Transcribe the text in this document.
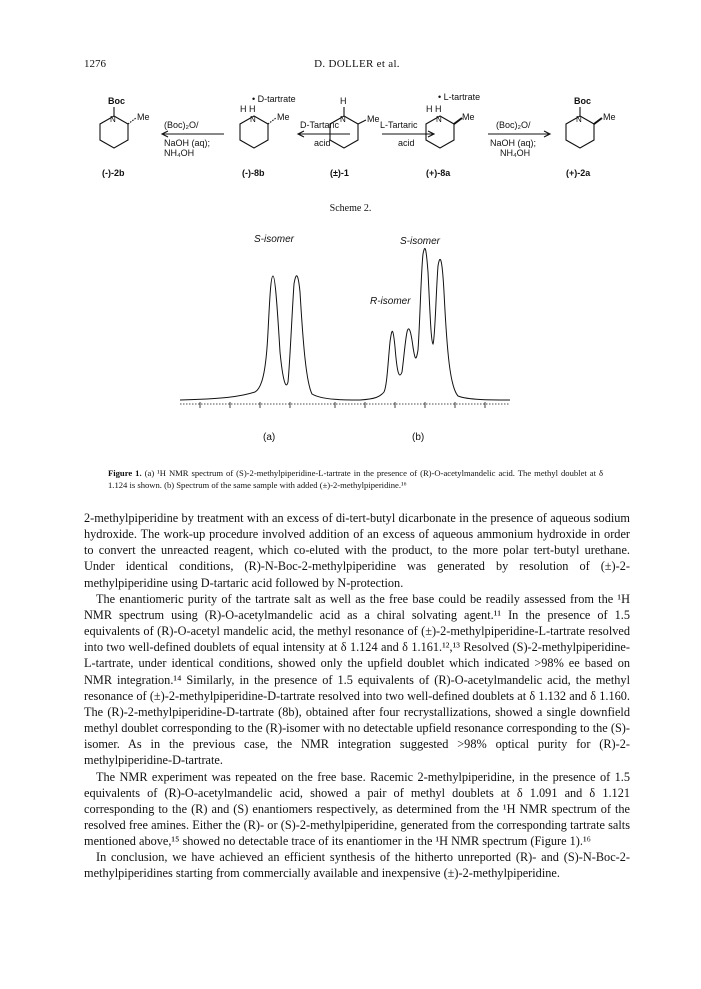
1276	D. DOLLER et al.
Boc
N Me
(-)-2b
(Boc)₂O/
NaOH (aq);
NH₄OH
• D-tartrate
H H
N Me
(-)-8b
D-Tartaric
acid
H
N Me
(±)-1
L-Tartaric
acid
• L-tartrate
H H
N Me
(+)-8a
(Boc)₂O/
NaOH (aq);
NH₄OH
Boc
N Me
(+)-2a
Scheme 2.
S-isomer	S-isomer
R-isomer
(a)	(b)
Figure 1. (a) ¹H NMR spectrum of (S)-2-methylpiperidine-L-tartrate in the presence of (R)-O-acetylmandelic acid. The methyl doublet at δ 1.124 is shown. (b) Spectrum of the same sample with added (±)-2-methylpiperidine.¹⁶

2-methylpiperidine by treatment with an excess of di-tert-butyl dicarbonate in the presence of aqueous sodium hydroxide. The work-up procedure involved addition of an excess of aqueous ammonium hydroxide in order to convert the unreacted reagent, which co-eluted with the product, to the more polar tert-butyl urethane. Under identical conditions, (R)-N-Boc-2-methylpiperidine was generated by resolution of (±)-2-methylpiperidine using D-tartaric acid followed by N-protection.

The enantiomeric purity of the tartrate salt as well as the free base could be readily assessed from the ¹H NMR spectrum using (R)-O-acetylmandelic acid as a chiral solvating agent.¹¹ In the presence of 1.5 equivalents of (R)-O-acetyl mandelic acid, the methyl resonance of (±)-2-methylpiperidine-L-tartrate resolved into two well-defined doublets of equal intensity at δ 1.124 and δ 1.161.¹²,¹³ Resolved (S)-2-methylpiperidine-L-tartrate, under identical conditions, showed only the upfield doublet which indicated >98% ee based on NMR integration.¹⁴ Similarly, in the presence of 1.5 equivalents of (R)-O-acetylmandelic acid, the methyl resonance of (±)-2-methylpiperidine-D-tartrate resolved into two well-defined doublets at δ 1.132 and δ 1.160. The (R)-2-methylpiperidine-D-tartrate (8b), obtained after four recrystallizations, showed a single downfield methyl doublet corresponding to the (R)-isomer with no detectable upfield resonance corresponding to the (S)-isomer. As in the previous case, the NMR integration suggested >98% optical purity for (R)-2-methylpiperidine-D-tartrate.

The NMR experiment was repeated on the free base. Racemic 2-methylpiperidine, in the presence of 1.5 equivalents of (R)-O-acetylmandelic acid, showed a pair of methyl doublets at δ 1.091 and δ 1.121 corresponding to the (R) and (S) enantiomers respectively, as determined from the ¹H NMR spectrum of the resolved free amines. Either the (R)- or (S)-2-methylpiperidine, generated from the corresponding tartrate salts mentioned above,¹⁵ showed no detectable trace of its enantiomer in the ¹H NMR spectrum (Figure 1).¹⁶

In conclusion, we have achieved an efficient synthesis of the hitherto unreported (R)- and (S)-N-Boc-2-methylpiperidines starting from commercially available and inexpensive (±)-2-methylpiperidine.
